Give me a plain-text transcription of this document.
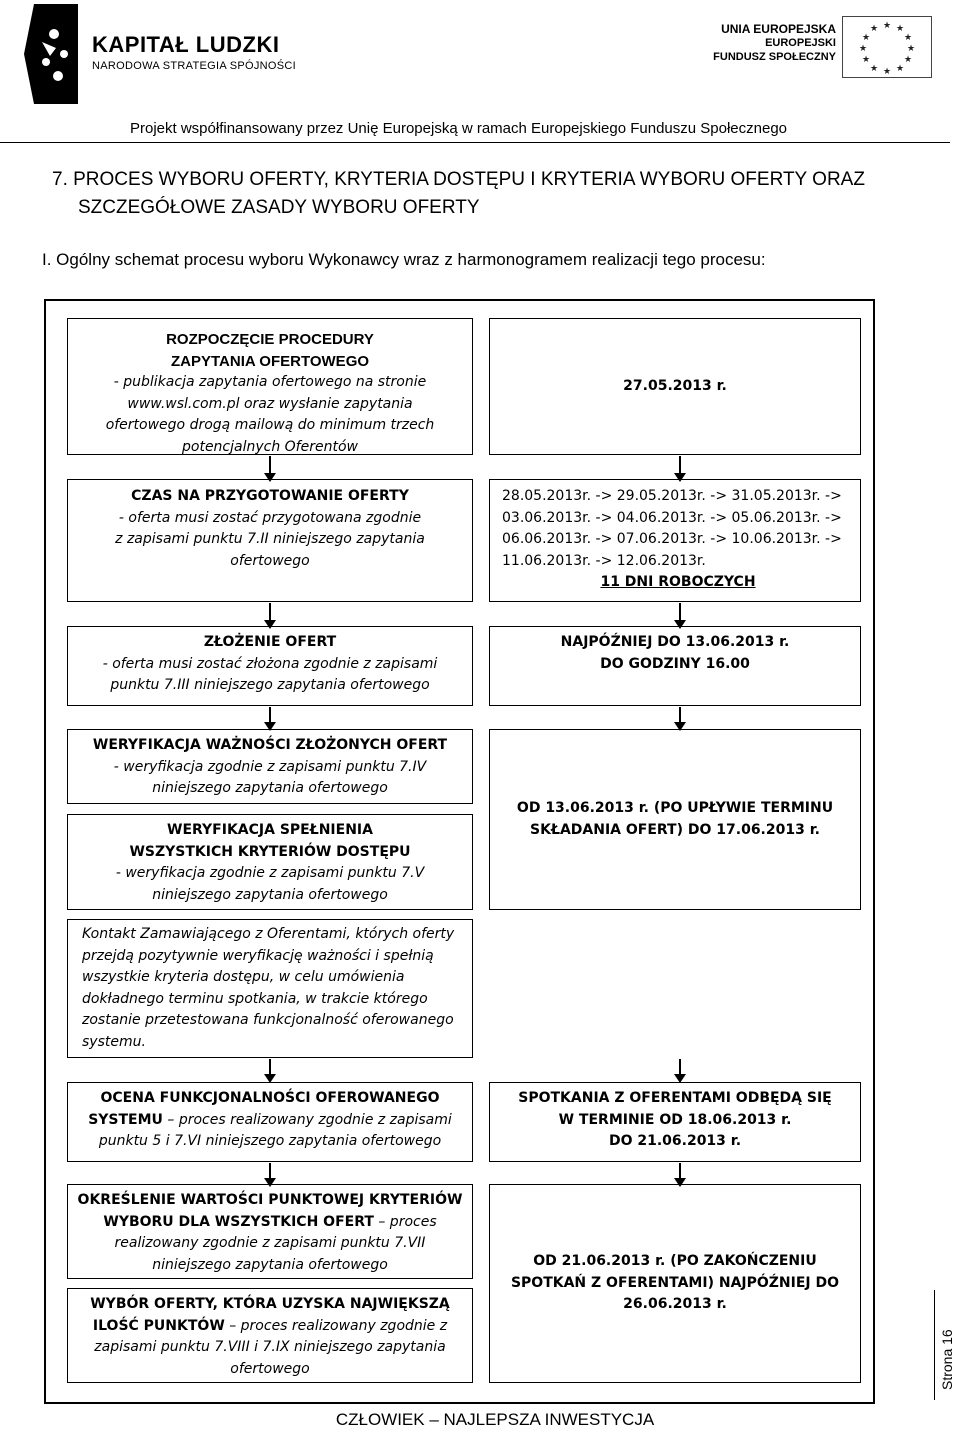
KAPITAŁ LUDZKI
NARODOWA STRATEGIA SPÓJNOŚCI
UNIA EUROPEJSKA
EUROPEJSKI
FUNDUSZ SPOŁECZNY
★ ★
★
★
★
★
★
★
★
★
★
★
Projekt współfinansowany przez Unię Europejską w ramach Europejskiego Funduszu Społecznego
7. PROCES WYBORU OFERTY, KRYTERIA DOSTĘPU I KRYTERIA WYBORU OFERTY ORAZ
SZCZEGÓŁOWE ZASADY WYBORU OFERTY
I. Ogólny schemat procesu wyboru Wykonawcy wraz z harmonogramem realizacji tego procesu:
ROZPOCZĘCIE PROCEDURY ZAPYTANIA OFERTOWEGO
- publikacja zapytania ofertowego na stronie www.wsl.com.pl oraz wysłanie zapytania ofertowego drogą mailową do minimum trzech potencjalnych Oferentów
27.05.2013 r.
CZAS NA PRZYGOTOWANIE OFERTY
- oferta musi zostać przygotowana zgodnie z zapisami punktu 7.II niniejszego zapytania ofertowego
28.05.2013r. -> 29.05.2013r. -> 31.05.2013r. -> 03.06.2013r. -> 04.06.2013r. -> 05.06.2013r. -> 06.06.2013r. -> 07.06.2013r. -> 10.06.2013r. -> 11.06.2013r. -> 12.06.2013r.
11 DNI ROBOCZYCH
ZŁOŻENIE OFERT
- oferta musi zostać złożona zgodnie z zapisami punktu 7.III niniejszego zapytania ofertowego
NAJPÓŹNIEJ DO 13.06.2013 r.
DO GODZINY 16.00
WERYFIKACJA WAŻNOŚCI ZŁOŻONYCH OFERT
- weryfikacja zgodnie z zapisami punktu 7.IV niniejszego zapytania ofertowego
WERYFIKACJA SPEŁNIENIA WSZYSTKICH KRYTERIÓW DOSTĘPU
- weryfikacja zgodnie z zapisami punktu 7.V niniejszego zapytania ofertowego
OD 13.06.2013 r. (PO UPŁYWIE TERMINU SKŁADANIA OFERT) DO 17.06.2013 r.
Kontakt Zamawiającego z Oferentami, których oferty przejdą pozytywnie weryfikację ważności i spełnią wszystkie kryteria dostępu, w celu umówienia dokładnego terminu spotkania, w trakcie którego zostanie przetestowana funkcjonalność oferowanego systemu.
OCENA FUNKCJONALNOŚCI OFEROWANEGO SYSTEMU – proces realizowany zgodnie z zapisami punktu 5 i 7.VI niniejszego zapytania ofertowego
SPOTKANIA Z OFERENTAMI ODBĘDĄ SIĘ
W TERMINIE OD 18.06.2013 r.
DO 21.06.2013 r.
OKREŚLENIE WARTOŚCI PUNKTOWEJ KRYTERIÓW WYBORU DLA WSZYSTKICH OFERT – proces realizowany zgodnie z zapisami punktu 7.VII niniejszego zapytania ofertowego
WYBÓR OFERTY, KTÓRA UZYSKA NAJWIĘKSZĄ ILOŚĆ PUNKTÓW – proces realizowany zgodnie z zapisami punktu 7.VIII i 7.IX niniejszego zapytania ofertowego
OD 21.06.2013 r. (PO ZAKOŃCZENIU SPOTKAŃ Z OFERENTAMI) NAJPÓŹNIEJ DO 26.06.2013 r.
CZŁOWIEK – NAJLEPSZA INWESTYCJA
Strona 16
